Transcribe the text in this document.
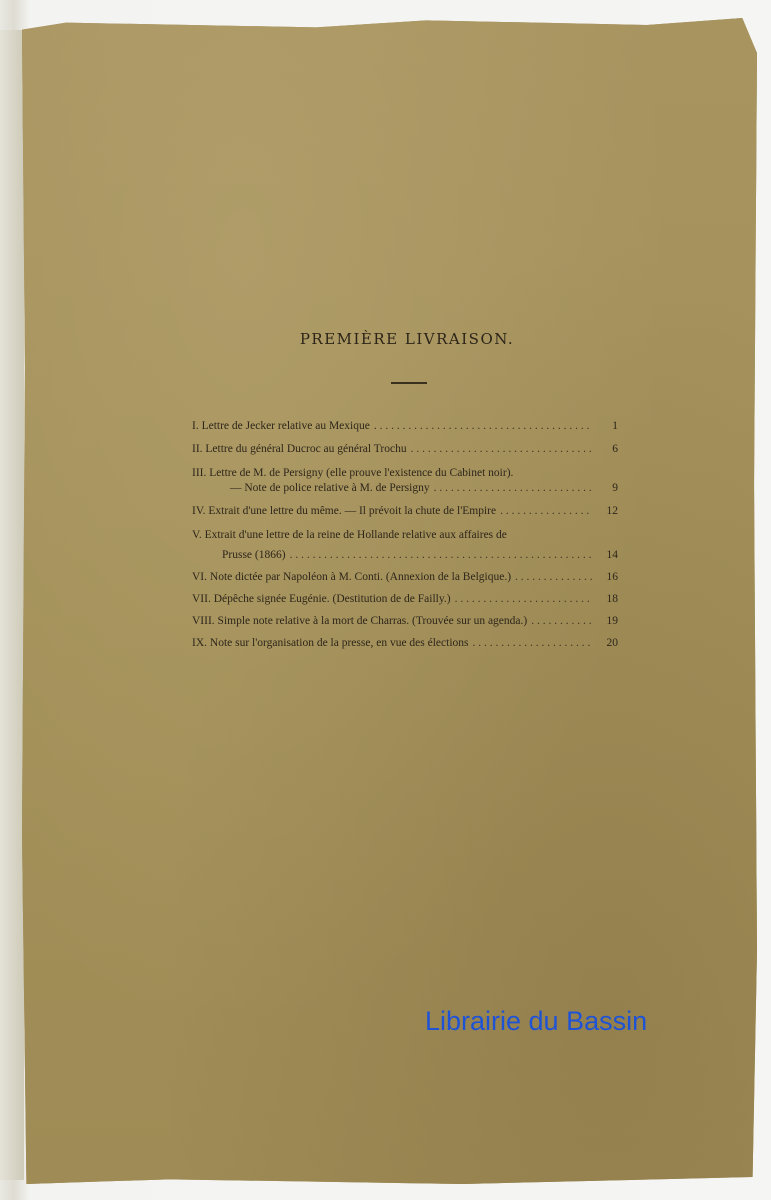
PREMIÈRE LIVRAISON.
I. Lettre de Jecker relative au Mexique . . .	1
II. Lettre du général Ducroc au général Trochu . . .	6
III. Lettre de M. de Persigny (elle prouve l'existence du Cabinet noir).
— Note de police relative à M. de Persigny . . .	9
IV. Extrait d'une lettre du même. — Il prévoit la chute de l'Empire . . .	12
V. Extrait d'une lettre de la reine de Hollande relative aux affaires de
Prusse (1866) . . .	14
VI. Note dictée par Napoléon à M. Conti. (Annexion de la Belgique.) . . .	16
VII. Dépêche signée Eugénie. (Destitution de de Failly.) . . .	18
VIII. Simple note relative à la mort de Charras. (Trouvée sur un agenda.) . . .	19
IX. Note sur l'organisation de la presse, en vue des élections . . .	20
Librairie du Bassin
